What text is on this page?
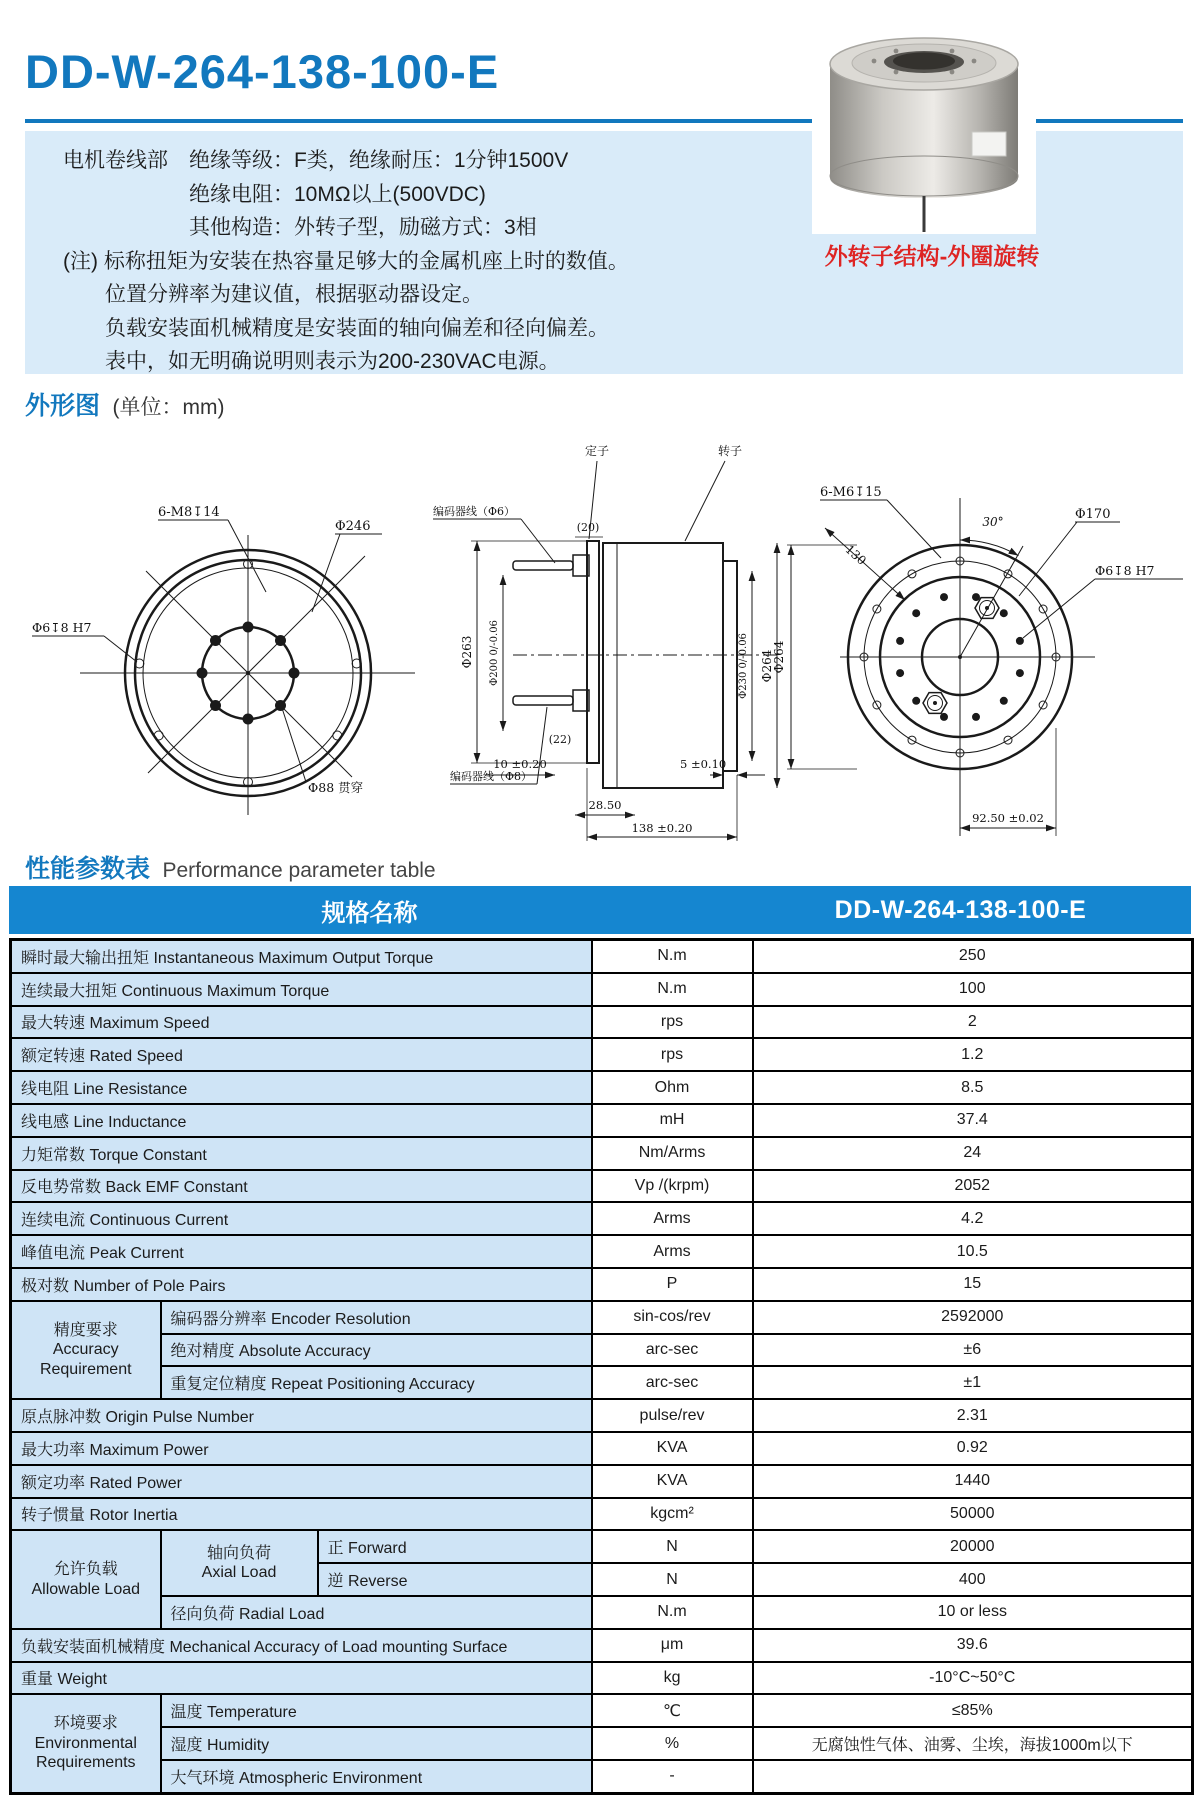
DD-W-264-138-100-E
电机卷线部　绝缘等级：F类，绝缘耐压：1分钟1500V
　　　　　　绝缘电阻：10MΩ以上(500VDC)
　　　　　　其他构造：外转子型，励磁方式：3相
(注) 标称扭矩为安装在热容量足够大的金属机座上时的数值。
　　位置分辨率为建议值，根据驱动器设定。
　　负载安装面机械精度是安装面的轴向偏差和径向偏差。
　　表中，如无明确说明则表示为200-230VAC电源。
外转子结构-外圈旋转
外形图 (单位：mm)
6-M8↧14
Φ246
Φ6↧8 H7
Φ88 贯穿
定子	转子
编码器线（Φ6）
编码器线（Φ8）
Φ263 Φ200 0/-0.06	Φ230 0/-0.06 Φ264
(20)
(22)
10 ±0.20
28.50
138 ±0.20
5 ±0.10
30°
6-M6↧15
Φ170
Φ6↧8 H7
130
Φ264
92.50 ±0.02
性能参数表 Performance parameter table
规格名称	DD-W-264-138-100-E
瞬时最大输出扭矩 Instantaneous Maximum Output Torque			N.m	250
连续最大扭矩 Continuous Maximum Torque			N.m	100
最大转速 Maximum Speed			rps	2
额定转速 Rated Speed			rps	1.2
线电阻 Line Resistance			Ohm	8.5
线电感 Line Inductance			mH	37.4
力矩常数 Torque Constant			Nm/Arms	24
反电势常数 Back EMF Constant			Vp /(krpm)	2052
连续电流 Continuous Current			Arms	4.2
峰值电流 Peak Current			Arms	10.5
极对数 Number of Pole Pairs			P	15

精度要求
Accuracy Requirement	编码器分辨率 Encoder Resolution		sin-cos/rev	2592000
	绝对精度 Absolute Accuracy		arc-sec	±6
	重复定位精度 Repeat Positioning Accuracy		arc-sec	±1
原点脉冲数 Origin Pulse Number			pulse/rev	2.31
最大功率 Maximum Power			KVA	0.92
额定功率 Rated Power			KVA	1440
转子惯量 Rotor Inertia			kgcm²	50000

允许负载
Allowable Load

轴向负荷
Axial Load
	正 Forward	N	20000
		逆 Reverse	N	400
	径向负荷 Radial Load		N.m	10 or less
负载安装面机械精度 Mechanical Accuracy of Load mounting Surface			μm	39.6
重量 Weight			kg	-10°C~50°C

环境要求
Environmental Requirements	温度 Temperature		℃	≤85%
	湿度 Humidity		%	无腐蚀性气体、油雾、尘埃，海拔1000m以下
	大气环境 Atmospheric Environment		-	
